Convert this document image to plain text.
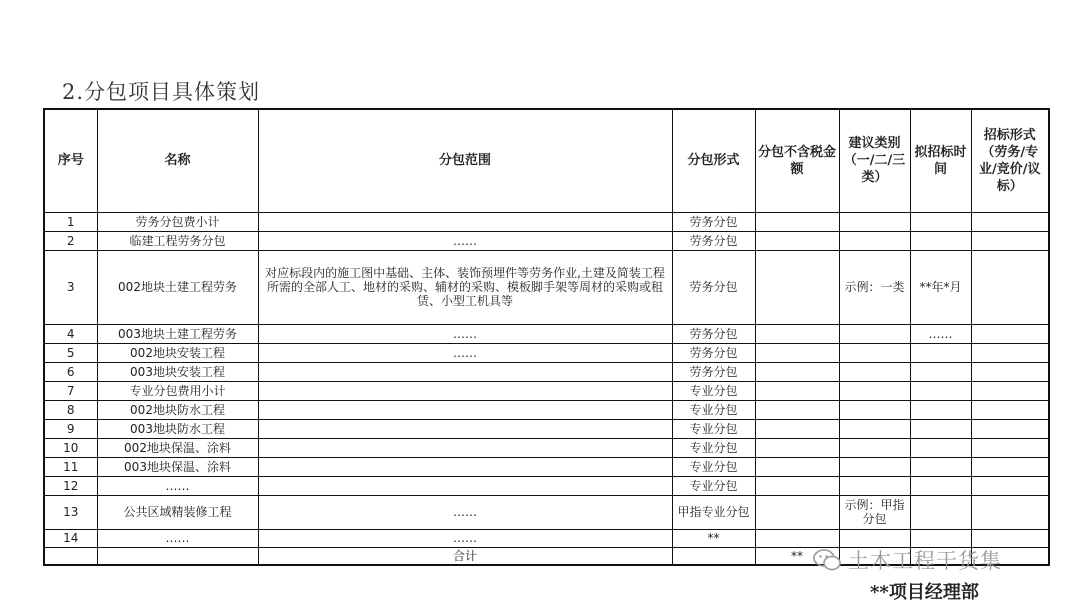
2.分包项目具体策划
序号	名称	分包范围	分包形式	分包不含税金额	建议类别（一/二/三类）	拟招标时间	招标形式（劳务/专业/竞价/议标）
1	劳务分包费小计		劳务分包				
2	临建工程劳务分包	……	劳务分包				
3	002地块土建工程劳务	对应标段内的施工图中基础、主体、装饰预埋件等劳务作业,土建及简装工程所需的全部人工、地材的采购、辅材的采购、模板脚手架等周材的采购或租赁、小型工机具等	劳务分包		示例：一类	**年*月	
4	003地块土建工程劳务	……	劳务分包			……	
5	002地块安装工程	……	劳务分包				
6	003地块安装工程		劳务分包				
7	专业分包费用小计		专业分包				
8	002地块防水工程		专业分包				
9	003地块防水工程		专业分包				
10	002地块保温、涂料		专业分包				
11	003地块保温、涂料		专业分包				
12	……		专业分包				
13	公共区域精装修工程	……	甲指专业分包		示例：甲指分包		
14	……	……	**				
		合计		**			土木工程干货集
**项目经理部
